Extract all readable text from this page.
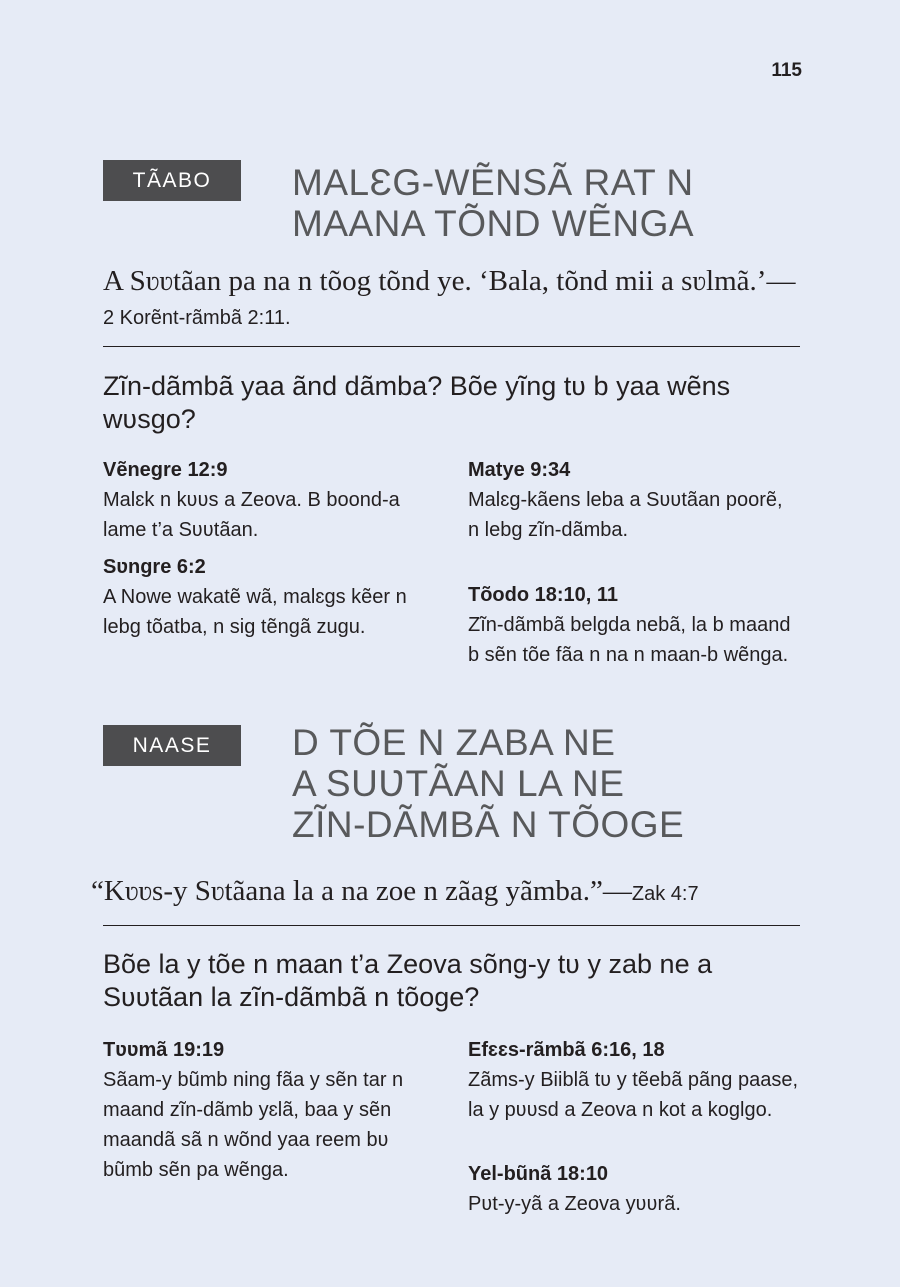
115
TÃABO	MALƐG-WẼNSÃ RAT N
MAANA TÕND WẼNGA
A Sʋʋtãan pa na n tõog tõnd ye. ‘Bala, tõnd mii a sʋlmã.’—2 Korẽnt-rãmbã 2:11.
Zĩn-dãmbã yaa ãnd dãmba? Bõe yĩng tʋ b yaa wẽns wʋsgo?
Vẽnegre 12:9
Malɛk n kʋʋs a Zeova. B boond-a lame t’a Sʋʋtãan.
Matye 9:34
Malɛg-kãens leba a Sʋʋtãan poorẽ, n lebg zĩn-dãmba.
Sʋngre 6:2
A Nowe wakatẽ wã, malɛgs kẽer n lebg tõatba, n sig tẽngã zugu.
Tõodo 18:10, 11
Zĩn-dãmbã belgda nebã, la b maand b sẽn tõe fãa n na n maan-b wẽnga.
NAASE	D TÕE N ZABA NE
A SUƲTÃAN LA NE
ZĨN-DÃMBÃ N TÕOGE
“Kʋʋs-y Sʋtãana la a na zoe n zãag yãmba.”—Zak 4:7
Bõe la y tõe n maan t’a Zeova sõng-y tʋ y zab ne a Sʋʋtãan la zĩn-dãmbã n tõoge?
Tʋʋmã 19:19
Sãam-y bũmb ning fãa y sẽn tar n maand zĩn-dãmb yɛlã, baa y sẽn maandã sã n wõnd yaa reem bʋ bũmb sẽn pa wẽnga.
Efɛɛs-rãmbã 6:16, 18
Zãms-y Biiblã tʋ y tẽebã pãng paase, la y pʋʋsd a Zeova n kot a koglgo.
Yel-bũnã 18:10
Pʋt-y-yã a Zeova yʋʋrã.
